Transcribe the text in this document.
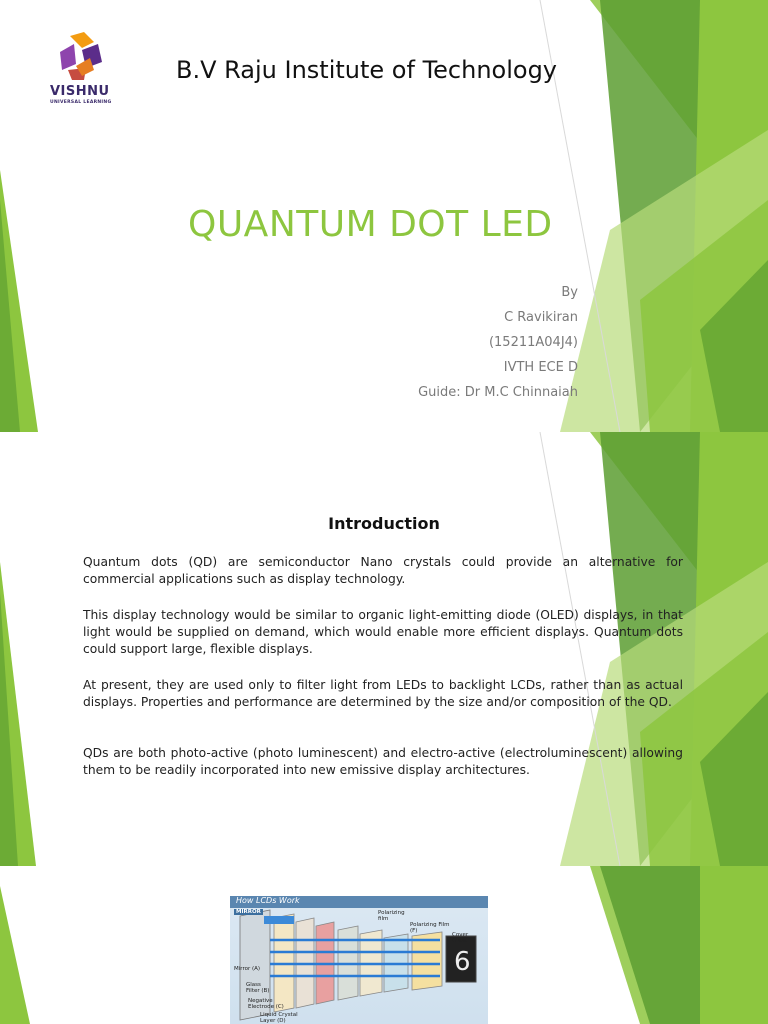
VISHNU
UNIVERSAL LEARNING
B.V Raju Institute of Technology
QUANTUM DOT LED
By
C Ravikiran
(15211A04J4)
IVTH ECE D
Guide: Dr M.C Chinnaiah
Introduction

Quantum dots (QD) are semiconductor Nano crystals could provide an alternative for commercial applications such as display technology.

This display technology would be similar to organic light-emitting diode (OLED) displays, in that light would be supplied on demand, which would enable more efficient displays. Quantum dots could support large, flexible displays.

At present, they are used only to filter light from LEDs to backlight LCDs, rather than as actual displays. Properties and performance are determined by the size and/or composition of the QD.

QDs are both photo-active (photo luminescent) and electro-active (electroluminescent) allowing them to be readily incorporated into new emissive display architectures.

How LCDs Work
6
MIRROR	Polarizing film
Polarizing Film (F)
Cover Glass
Mirror (A)
Glass Filter (B)
Negative Electrode (C)
Liquid Crystal Layer (D)
